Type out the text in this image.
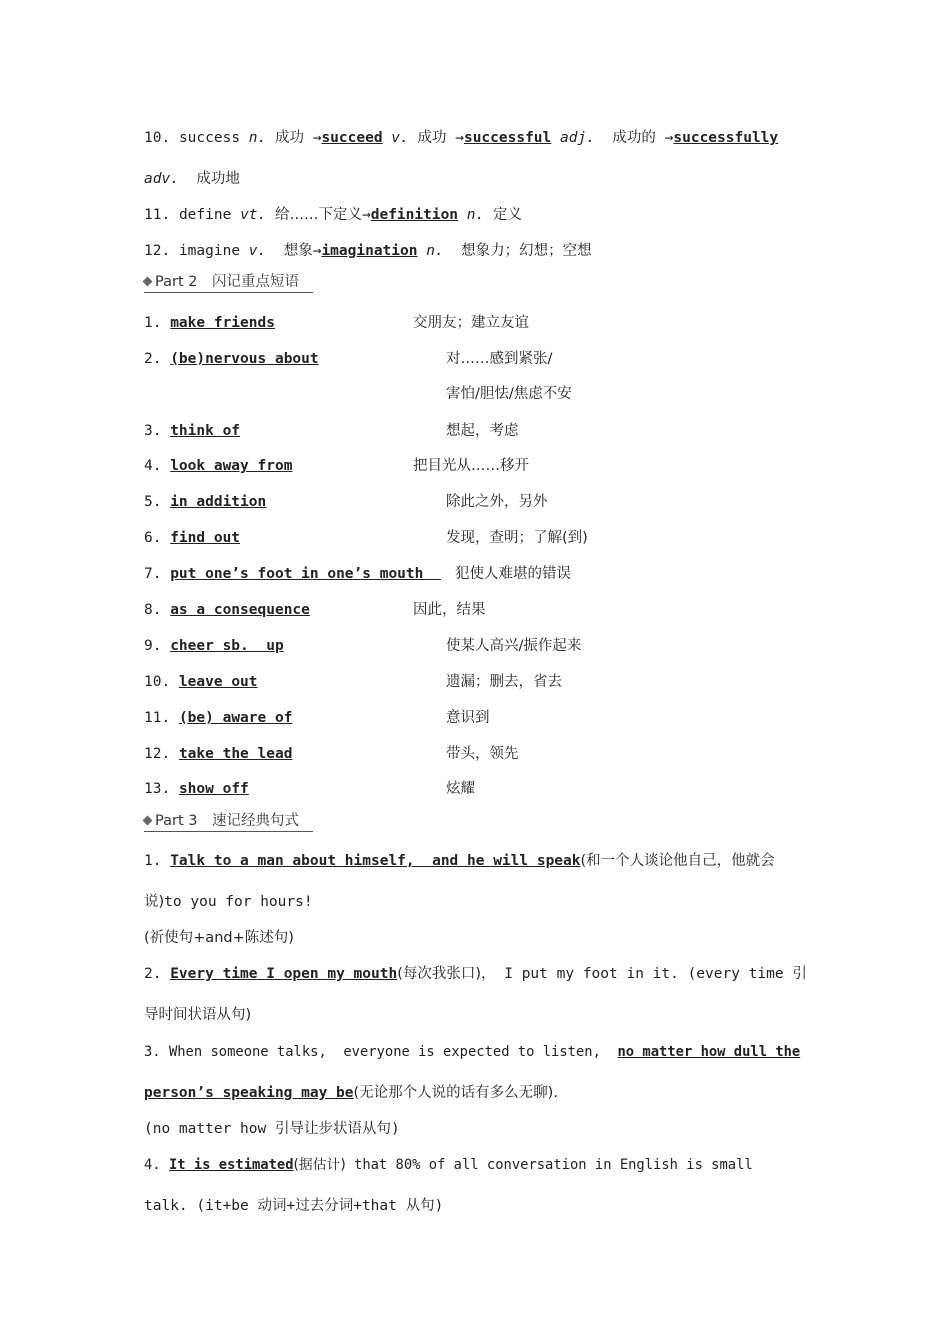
10. success n. 成功 →succeed v. 成功 →successful adj. 成功的 →successfully
adv. 成功地
11. define vt. 给……下定义→definition n. 定义
12. imagine v. 想象→imagination n. 想象力；幻想；空想
Part 2　闪记重点短语
1. make friends	交朋友；建立友谊
2. (be)nervous about	对……感到紧张/
害怕/胆怯/焦虑不安
3. think of	想起，考虑
4. look away from	把目光从……移开
5. in addition	除此之外，另外
6. find out	发现，查明；了解(到)
7. put one’s foot in one’s mouth	犯使人难堪的错误
8. as a consequence	因此，结果
9. cheer sb.  up	使某人高兴/振作起来
10. leave out	遗漏；删去，省去
11. (be) aware of	意识到
12. take the lead	带头，领先
13. show off	炫耀
Part 3　速记经典句式
1. Talk to a man about himself,  and he will speak(和一个人谈论他自己，他就会
说)to you for hours!
(祈使句+and+陈述句)
2. Every time I open my mouth(每次我张口)， I put my foot in it. (every time 引
导时间状语从句)
3. When someone talks,  everyone is expected to listen,  no matter how dull the
person’s speaking may be(无论那个人说的话有多么无聊).
(no matter how 引导让步状语从句)
4. It is estimated(据估计) that 80% of all conversation in English is small
talk. (it+be 动词+过去分词+that 从句)
